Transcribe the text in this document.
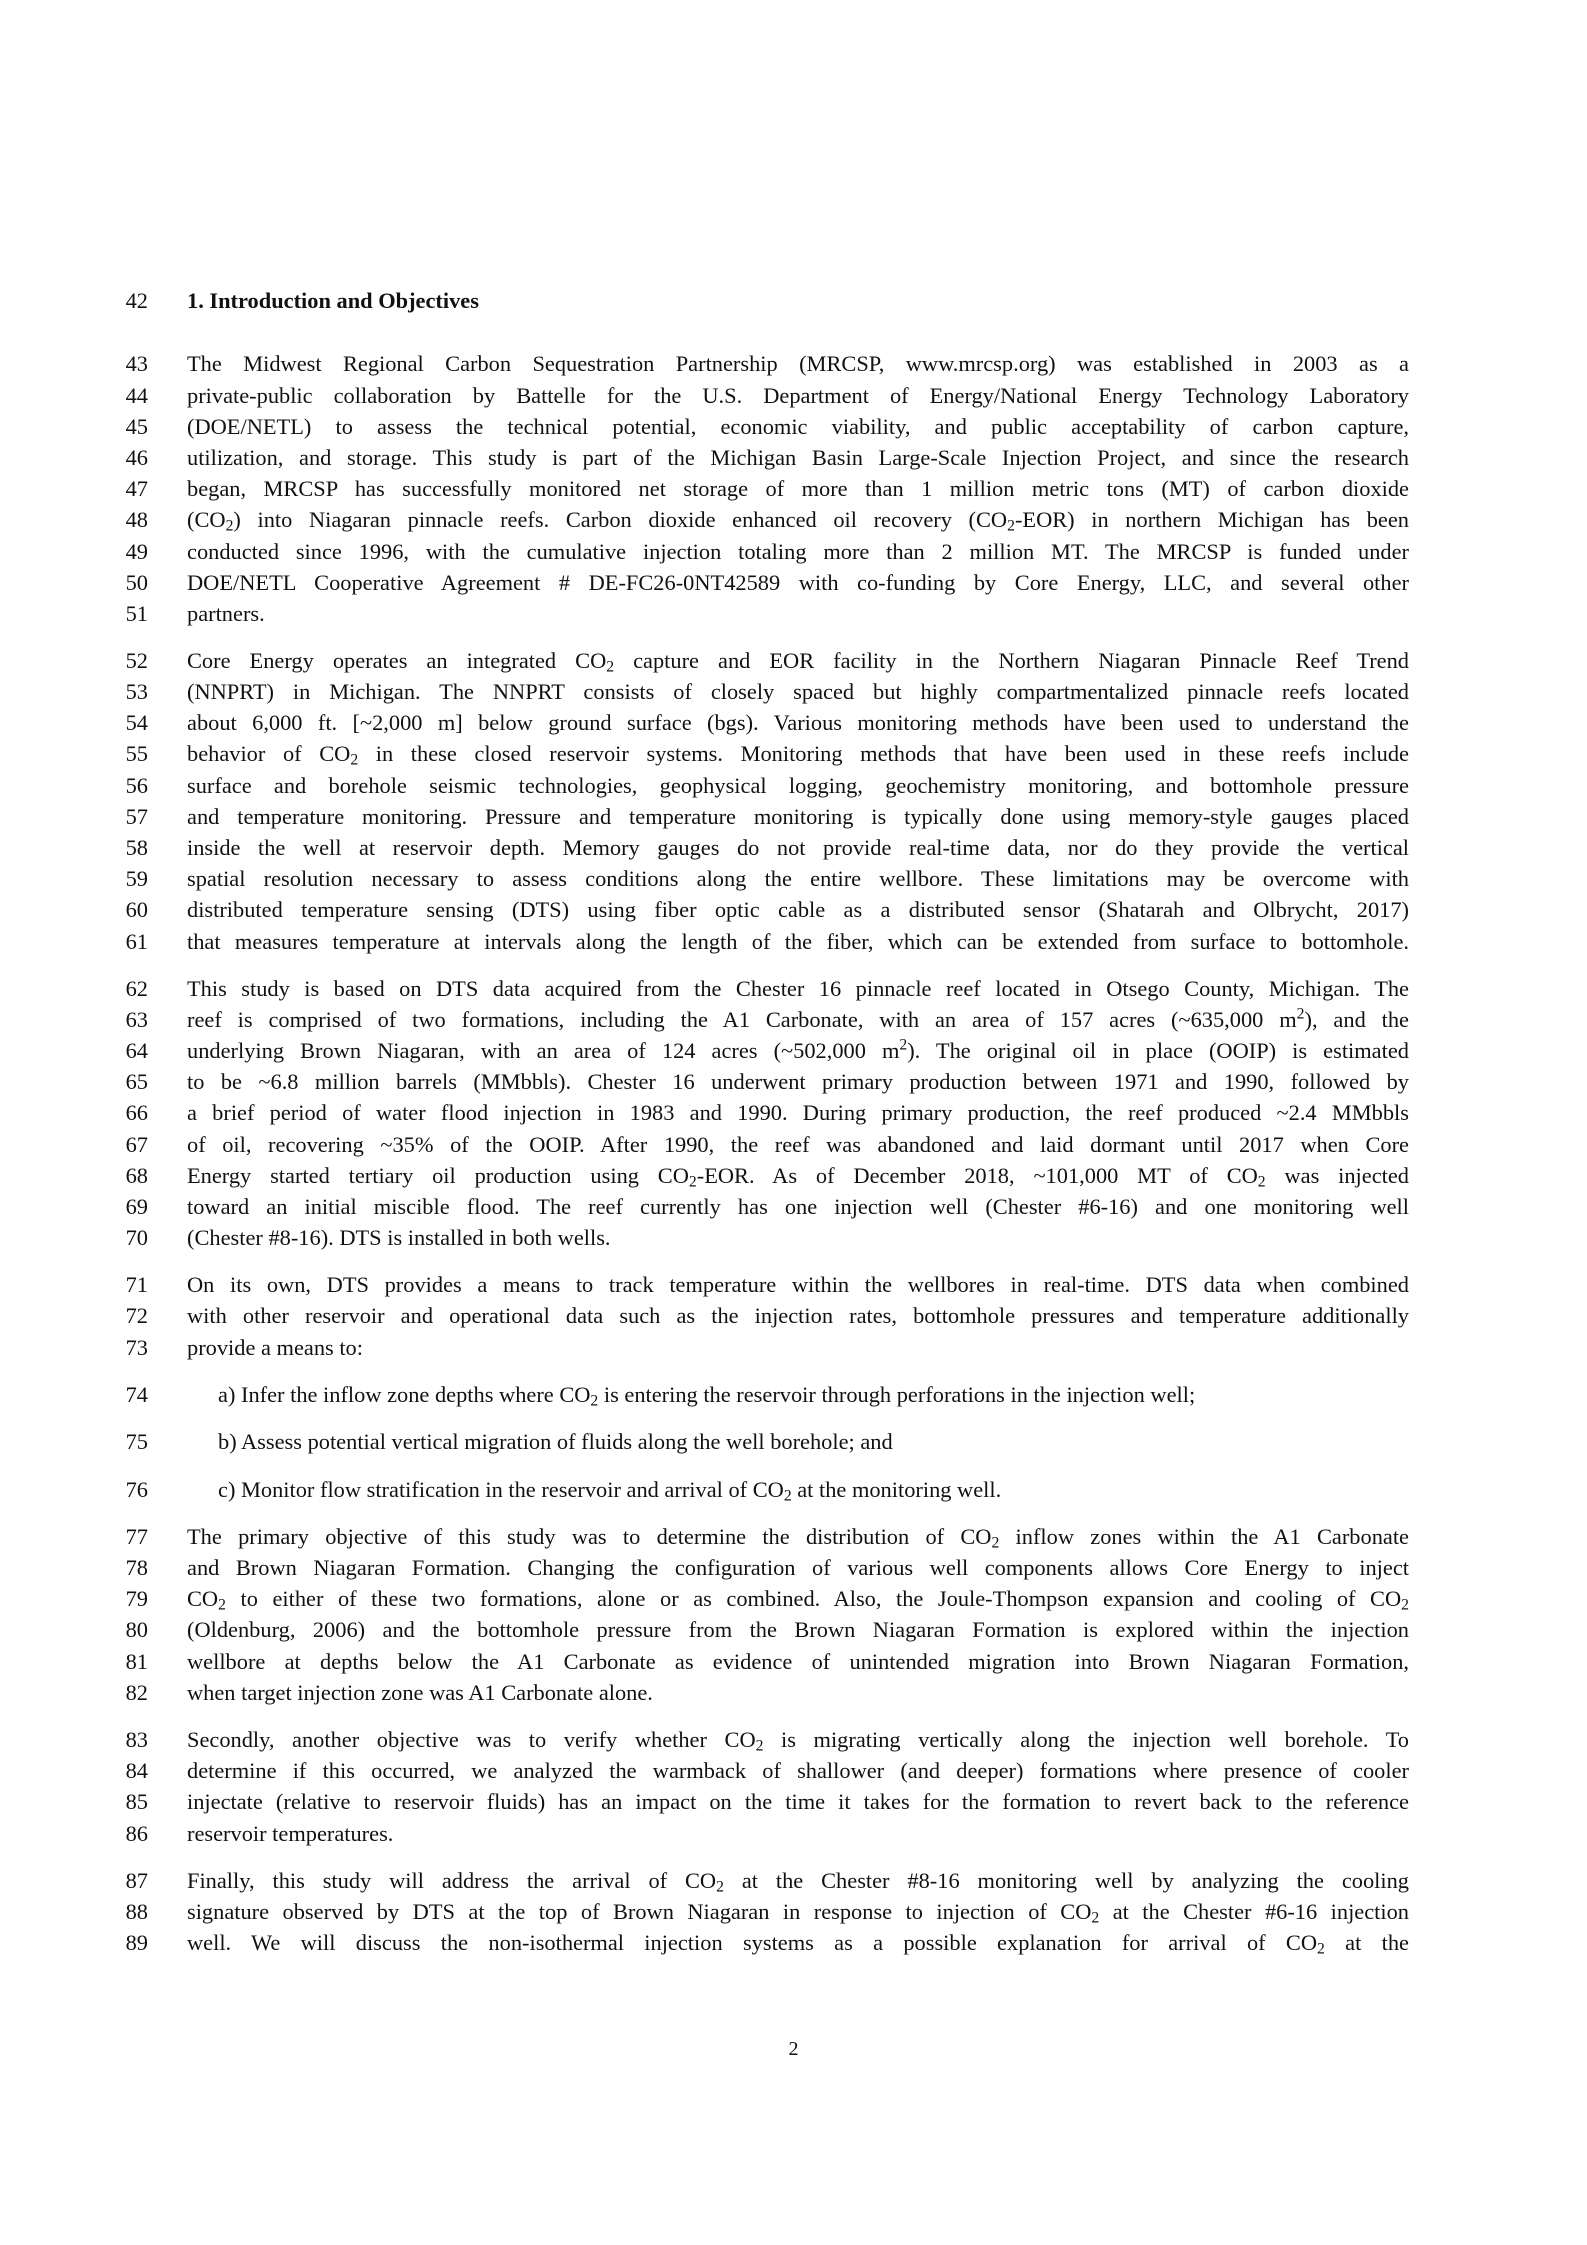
42 1. Introduction and Objectives
43 The Midwest Regional Carbon Sequestration Partnership (MRCSP, www.mrcsp.org) was established in 2003 as a
44 private-public collaboration by Battelle for the U.S. Department of Energy/National Energy Technology Laboratory
45 (DOE/NETL) to assess the technical potential, economic viability, and public acceptability of carbon capture,
46 utilization, and storage. This study is part of the Michigan Basin Large-Scale Injection Project, and since the research
47 began, MRCSP has successfully monitored net storage of more than 1 million metric tons (MT) of carbon dioxide
48 $(CO_2)$ into Niagaran pinnacle reefs. Carbon dioxide enhanced oil recovery $(CO_2-EOR)$ in northern Michigan has been
49 conducted since 1996, with the cumulative injection totaling more than 2 million MT. The MRCSP is funded under
50 DOE/NETL Cooperative Agreement # DE-FC26-0NT42589 with co-funding by Core Energy, LLC, and several other
51 partners.
52 Core Energy operates an integrated $CO_2$ capture and EOR facility in the Northern Niagaran Pinnacle Reef Trend
53 (NNPRT) in Michigan. The NNPRT consists of closely spaced but highly compartmentalized pinnacle reefs located
54 about 6,000 ft. [~2,000 m] below ground surface (bgs). Various monitoring methods have been used to understand the
55 behavior of $CO_2$ in these closed reservoir systems. Monitoring methods that have been used in these reefs include
56 surface and borehole seismic technologies, geophysical logging, geochemistry monitoring, and bottomhole pressure
57 and temperature monitoring. Pressure and temperature monitoring is typically done using memory-style gauges placed
58 inside the well at reservoir depth. Memory gauges do not provide real-time data, nor do they provide the vertical
59 spatial resolution necessary to assess conditions along the entire wellbore. These limitations may be overcome with
60 distributed temperature sensing (DTS) using fiber optic cable as a distributed sensor (Shatarah and Olbrycht, 2017)
61 that measures temperature at intervals along the length of the fiber, which can be extended from surface to bottomhole.
62 This study is based on DTS data acquired from the Chester 16 pinnacle reef located in Otsego County, Michigan. The
63 reef is comprised of two formations, including the A1 Carbonate, with an area of 157 acres (~635,000 $m^2$), and the
64 underlying Brown Niagaran, with an area of 124 acres (~502,000 $m^2$). The original oil in place (OOIP) is estimated
65 to be ~6.8 million barrels (MMbbls). Chester 16 underwent primary production between 1971 and 1990, followed by
66 a brief period of water flood injection in 1983 and 1990. During primary production, the reef produced ~2.4 MMbbls
67 of oil, recovering ~35% of the OOIP. After 1990, the reef was abandoned and laid dormant until 2017 when Core
68 Energy started tertiary oil production using $CO_2$-EOR. As of December 2018, ~101,000 MT of $CO_2$ was injected
69 toward an initial miscible flood. The reef currently has one injection well (Chester #6-16) and one monitoring well
70 (Chester #8-16). DTS is installed in both wells.
71 On its own, DTS provides a means to track temperature within the wellbores in real-time. DTS data when combined
72 with other reservoir and operational data such as the injection rates, bottomhole pressures and temperature additionally
73 provide a means to:
74	a) Infer the inflow zone depths where $CO_2$ is entering the reservoir through perforations in the injection well;
75	b) Assess potential vertical migration of fluids along the well borehole; and
76	c) Monitor flow stratification in the reservoir and arrival of $CO_2$ at the monitoring well.
77 The primary objective of this study was to determine the distribution of $CO_2$ inflow zones within the A1 Carbonate
78 and Brown Niagaran Formation. Changing the configuration of various well components allows Core Energy to inject
79 $CO_2$ to either of these two formations, alone or as combined. Also, the Joule-Thompson expansion and cooling of $CO_2$
80 (Oldenburg, 2006) and the bottomhole pressure from the Brown Niagaran Formation is explored within the injection
81 wellbore at depths below the A1 Carbonate as evidence of unintended migration into Brown Niagaran Formation,
82 when target injection zone was A1 Carbonate alone.
83 Secondly, another objective was to verify whether $CO_2$ is migrating vertically along the injection well borehole. To
84 determine if this occurred, we analyzed the warmback of shallower (and deeper) formations where presence of cooler
85 injectate (relative to reservoir fluids) has an impact on the time it takes for the formation to revert back to the reference
86 reservoir temperatures.
87 Finally, this study will address the arrival of $CO_2$ at the Chester #8-16 monitoring well by analyzing the cooling
88 signature observed by DTS at the top of Brown Niagaran in response to injection of $CO_2$ at the Chester #6-16 injection
89 well. We will discuss the non-isothermal injection systems as a possible explanation for arrival of $CO_2$ at the
2
